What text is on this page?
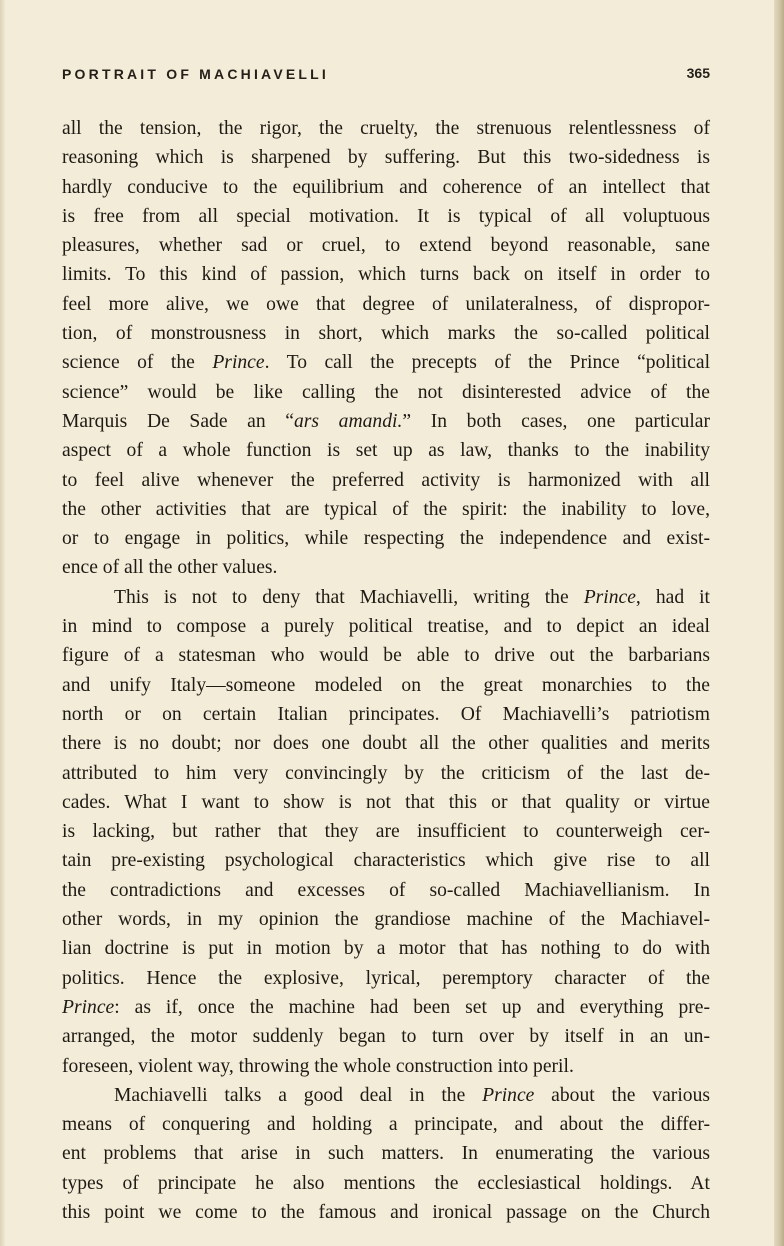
PORTRAIT OF MACHIAVELLI	365

all the tension, the rigor, the cruelty, the strenuous relentlessness of
reasoning which is sharpened by suffering. But this two-sidedness is
hardly conducive to the equilibrium and coherence of an intellect that
is free from all special motivation. It is typical of all voluptuous
pleasures, whether sad or cruel, to extend beyond reasonable, sane
limits. To this kind of passion, which turns back on itself in order to
feel more alive, we owe that degree of unilateralness, of dispropor-
tion, of monstrousness in short, which marks the so-called political
science of the Prince. To call the precepts of the Prince “political
science” would be like calling the not disinterested advice of the
Marquis De Sade an “ars amandi.” In both cases, one particular
aspect of a whole function is set up as law, thanks to the inability
to feel alive whenever the preferred activity is harmonized with all
the other activities that are typical of the spirit: the inability to love,
or to engage in politics, while respecting the independence and exist-
ence of all the other values.

This is not to deny that Machiavelli, writing the Prince, had it
in mind to compose a purely political treatise, and to depict an ideal
figure of a statesman who would be able to drive out the barbarians
and unify Italy—someone modeled on the great monarchies to the
north or on certain Italian principates. Of Machiavelli’s patriotism
there is no doubt; nor does one doubt all the other qualities and merits
attributed to him very convincingly by the criticism of the last de-
cades. What I want to show is not that this or that quality or virtue
is lacking, but rather that they are insufficient to counterweigh cer-
tain pre-existing psychological characteristics which give rise to all
the contradictions and excesses of so-called Machiavellianism. In
other words, in my opinion the grandiose machine of the Machiavel-
lian doctrine is put in motion by a motor that has nothing to do with
politics. Hence the explosive, lyrical, peremptory character of the
Prince: as if, once the machine had been set up and everything pre-
arranged, the motor suddenly began to turn over by itself in an un-
foreseen, violent way, throwing the whole construction into peril.

Machiavelli talks a good deal in the Prince about the various
means of conquering and holding a principate, and about the differ-
ent problems that arise in such matters. In enumerating the various
types of principate he also mentions the ecclesiastical holdings. At
this point we come to the famous and ironical passage on the Church
